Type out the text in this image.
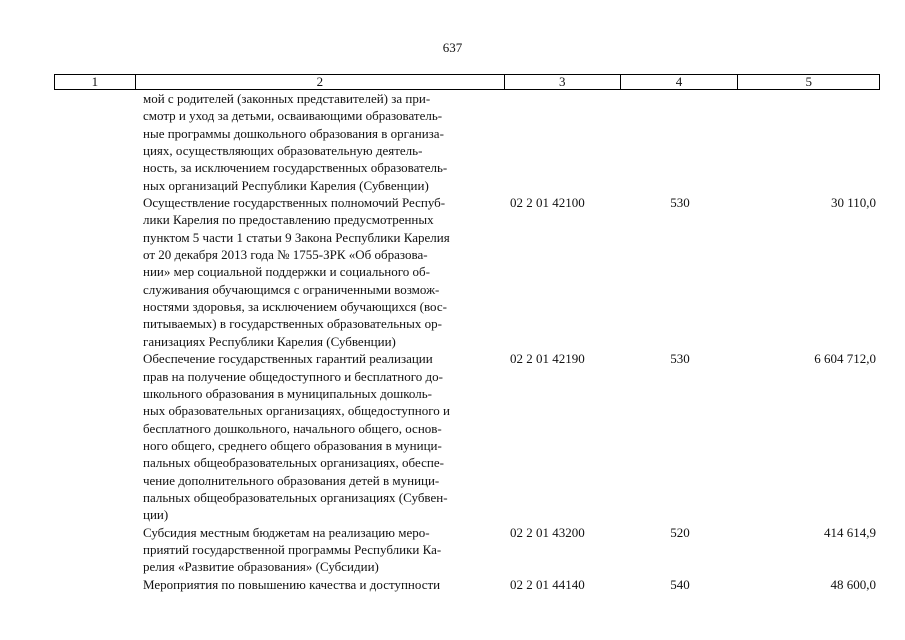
637
1	2	3	4	5
мой с родителей (законных представителей) за при-
смотр и уход за детьми, осваивающими образователь-
ные программы дошкольного образования в организа-
циях, осуществляющих образовательную деятель-
ность, за исключением государственных образователь-
ных организаций Республики Карелия (Субвенции)
Осуществление государственных полномочий Респуб-
лики Карелия по предоставлению предусмотренных
пунктом 5 части 1 статьи 9 Закона Республики Карелия
от 20 декабря 2013 года № 1755-ЗРК «Об образова-
нии» мер социальной поддержки и социального об-
служивания обучающимся с ограниченными возмож-
ностями здоровья, за исключением обучающихся (вос-
питываемых) в государственных образовательных ор-
ганизациях Республики Карелия (Субвенции)
02 2 01 42100	530	30 110,0
Обеспечение государственных гарантий реализации
прав на получение общедоступного и бесплатного до-
школьного образования в муниципальных дошколь-
ных образовательных организациях, общедоступного и
бесплатного дошкольного, начального общего, основ-
ного общего, среднего общего образования в муници-
пальных общеобразовательных организациях, обеспе-
чение дополнительного образования детей в муници-
пальных общеобразовательных организациях (Субвен-
ции)
02 2 01 42190	530	6 604 712,0
Субсидия местным бюджетам на реализацию меро-
приятий государственной программы Республики Ка-
релия «Развитие образования» (Субсидии)
02 2 01 43200	520	414 614,9
Мероприятия по повышению качества и доступности	02 2 01 44140	540	48 600,0
